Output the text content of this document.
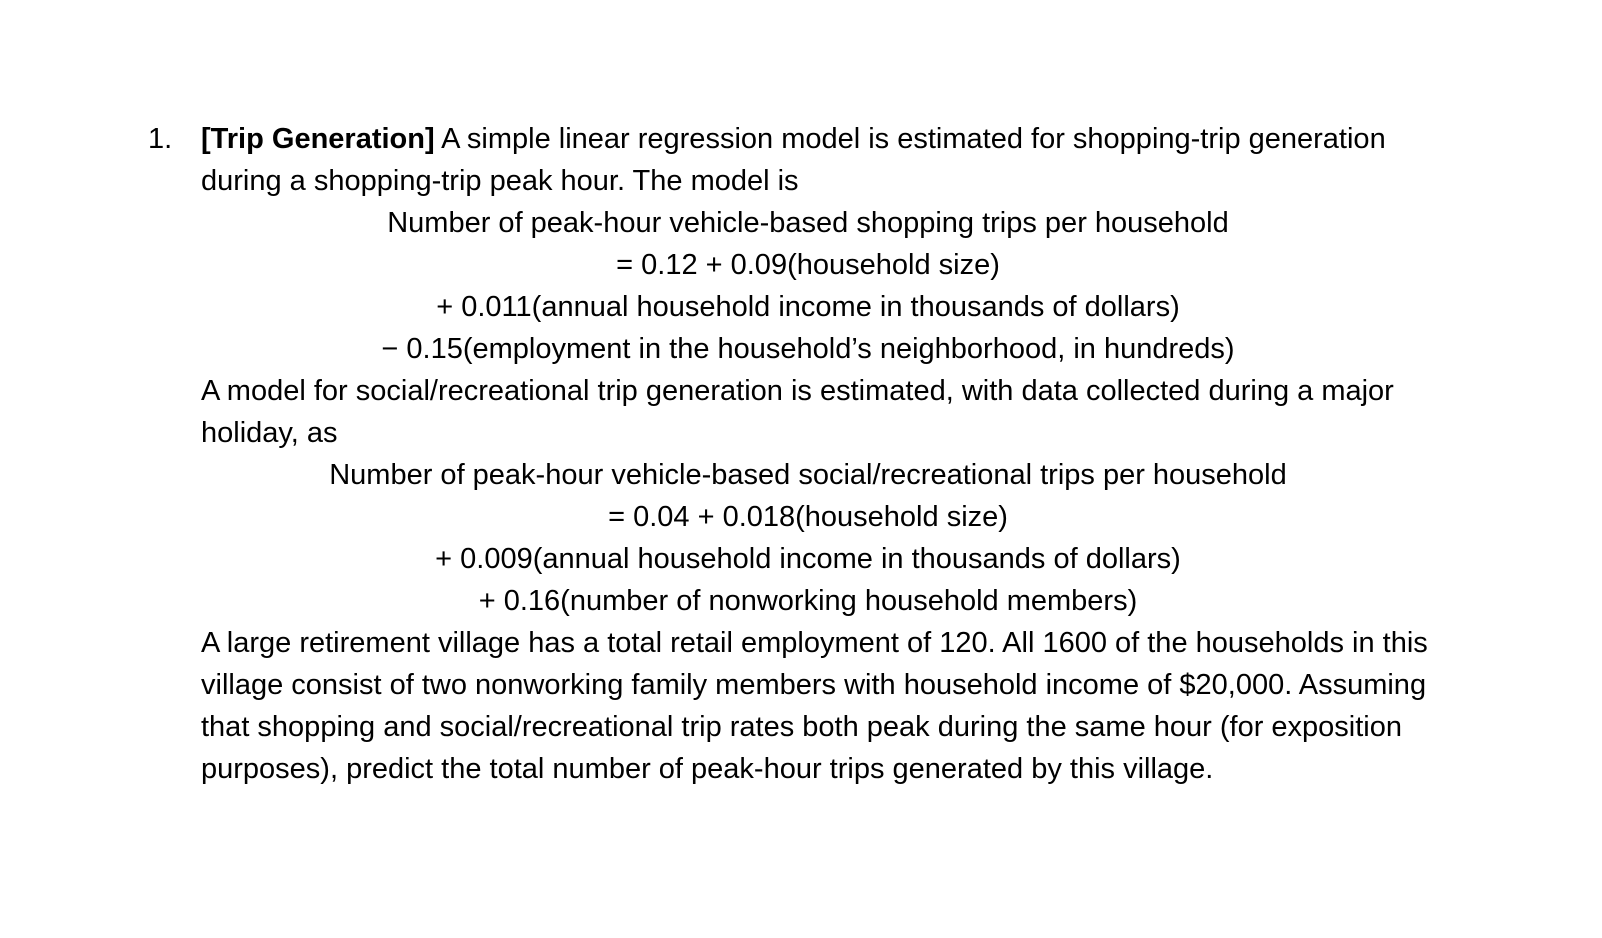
1. [Trip Generation] A simple linear regression model is estimated for shopping-trip generation during a shopping-trip peak hour. The model is

Number of peak-hour vehicle-based shopping trips per household
= 0.12 + 0.09(household size)
+ 0.011(annual household income in thousands of dollars)
− 0.15(employment in the household’s neighborhood, in hundreds)

A model for social/recreational trip generation is estimated, with data collected during a major holiday, as

Number of peak-hour vehicle-based social/recreational trips per household
= 0.04 + 0.018(household size)
+ 0.009(annual household income in thousands of dollars)
+ 0.16(number of nonworking household members)

A large retirement village has a total retail employment of 120. All 1600 of the households in this village consist of two nonworking family members with household income of $20,000. Assuming that shopping and social/recreational trip rates both peak during the same hour (for exposition purposes), predict the total number of peak-hour trips generated by this village.
